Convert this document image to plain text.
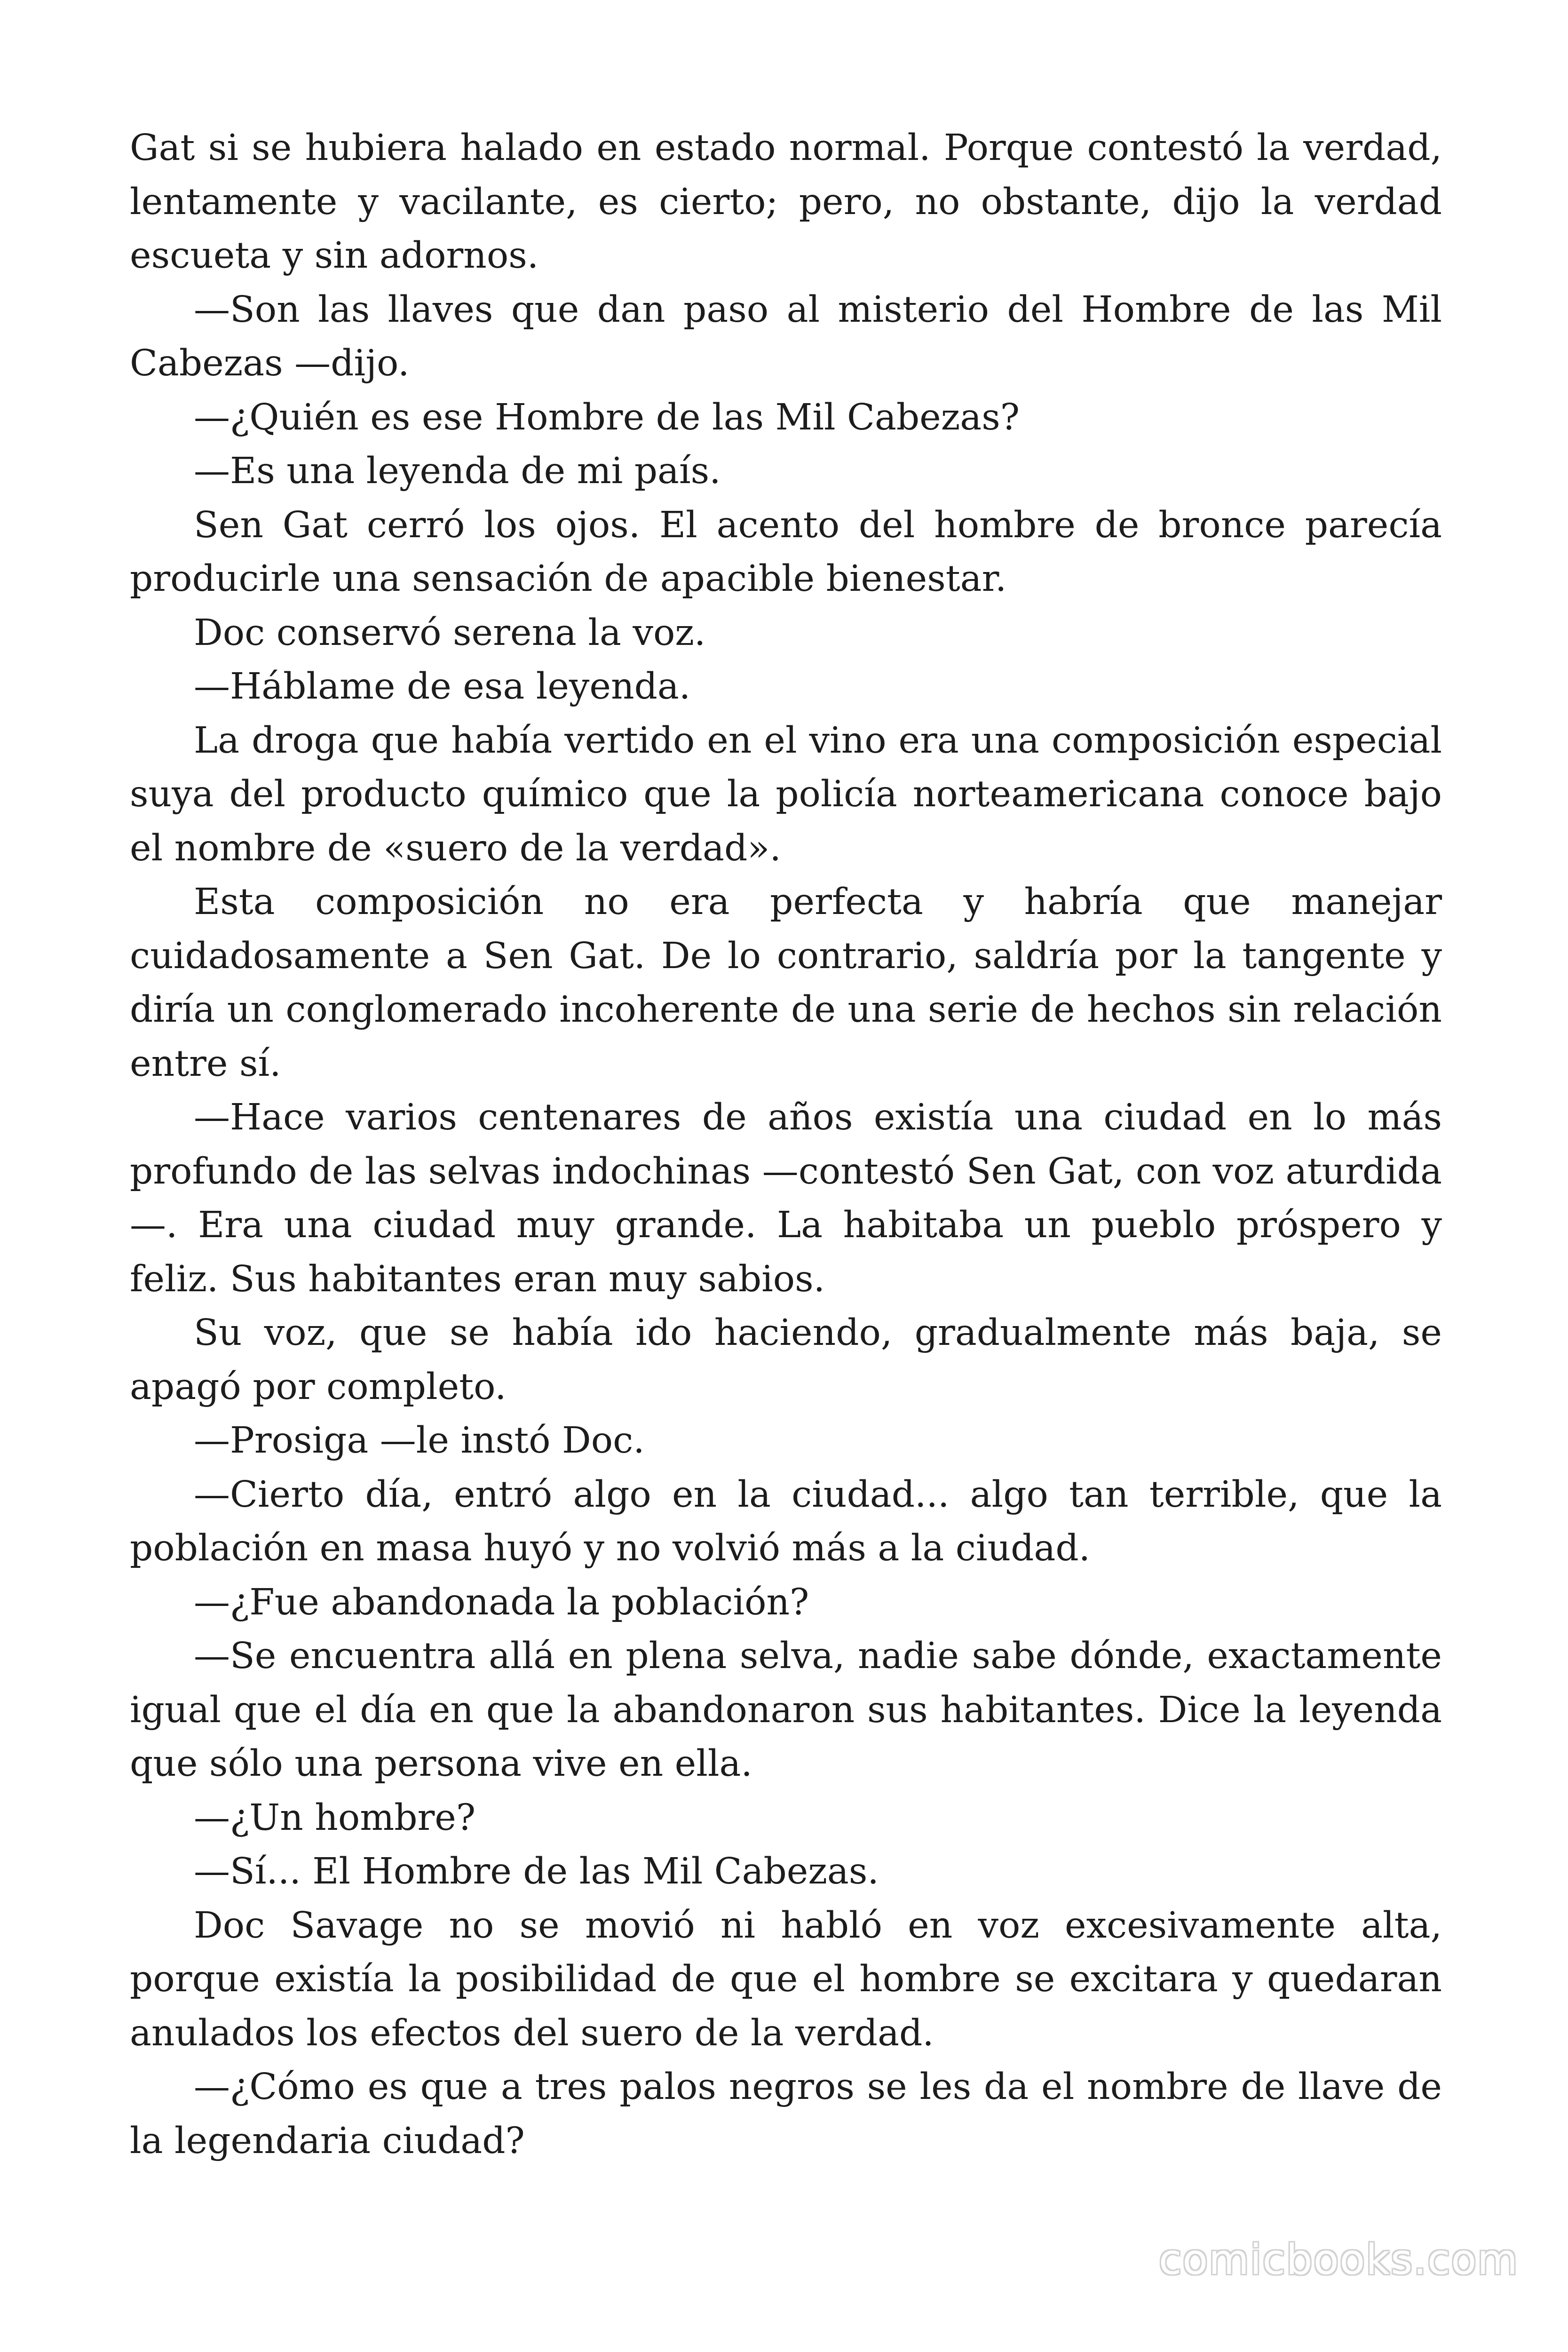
Gat si se hubiera halado en estado normal. Porque contestó la verdad, lentamente y vacilante, es cierto; pero, no obstante, dijo la verdad escueta y sin adornos.

—Son las llaves que dan paso al misterio del Hombre de las Mil Cabezas —dijo.

—¿Quién es ese Hombre de las Mil Cabezas?

—Es una leyenda de mi país.

Sen Gat cerró los ojos. El acento del hombre de bronce parecía producirle una sensación de apacible bienestar.

Doc conservó serena la voz.

—Háblame de esa leyenda.

La droga que había vertido en el vino era una composición especial suya del producto químico que la policía norteamericana conoce bajo el nombre de «suero de la verdad».

Esta composición no era perfecta y habría que manejar cuidadosamente a Sen Gat. De lo contrario, saldría por la tangente y diría un conglomerado incoherente de una serie de hechos sin relación entre sí.

—Hace varios centenares de años existía una ciudad en lo más profundo de las selvas indochinas —contestó Sen Gat, con voz aturdida—. Era una ciudad muy grande. La habitaba un pueblo próspero y feliz. Sus habitantes eran muy sabios.

Su voz, que se había ido haciendo, gradualmente más baja, se apagó por completo.

—Prosiga —le instó Doc.

—Cierto día, entró algo en la ciudad... algo tan terrible, que la población en masa huyó y no volvió más a la ciudad.

—¿Fue abandonada la población?

—Se encuentra allá en plena selva, nadie sabe dónde, exactamente igual que el día en que la abandonaron sus habitantes. Dice la leyenda que sólo una persona vive en ella.

—¿Un hombre?

—Sí... El Hombre de las Mil Cabezas.

Doc Savage no se movió ni habló en voz excesivamente alta, porque existía la posibilidad de que el hombre se excitara y quedaran anulados los efectos del suero de la verdad.

—¿Cómo es que a tres palos negros se les da el nombre de llave de la legendaria ciudad?

comicbooks.com
